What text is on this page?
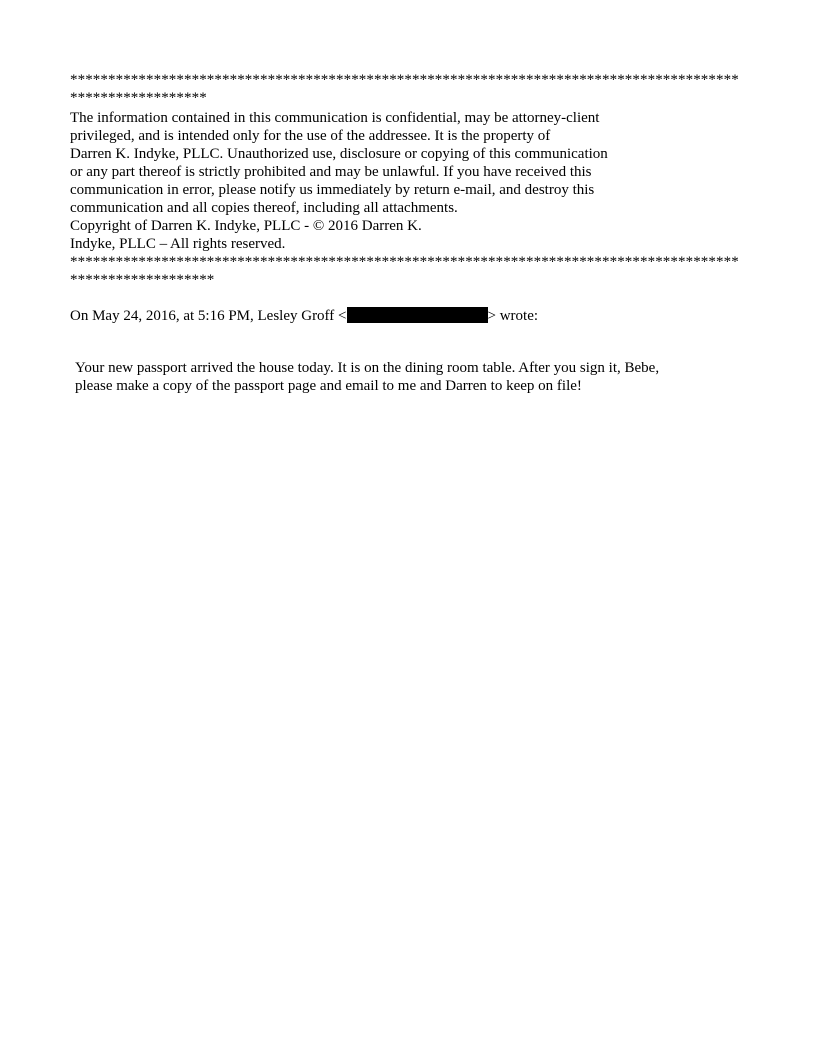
****************************************************************************************
******************
The information contained in this communication is confidential, may be attorney-client
privileged, and is intended only for the use of the addressee. It is the property of
Darren K. Indyke, PLLC. Unauthorized use, disclosure or copying of this communication
or any part thereof is strictly prohibited and may be unlawful. If you have received this
communication in error, please notify us immediately by return e-mail, and destroy this
communication and all copies thereof, including all attachments.
Copyright of Darren K. Indyke, PLLC - © 2016 Darren K.
Indyke, PLLC – All rights reserved.
****************************************************************************************
*******************
On May 24, 2016, at 5:16 PM, Lesley Groff <	> wrote:
Your new passport arrived the house today. It is on the dining room table. After you sign it, Bebe,
please make a copy of the passport page and email to me and Darren to keep on file!
